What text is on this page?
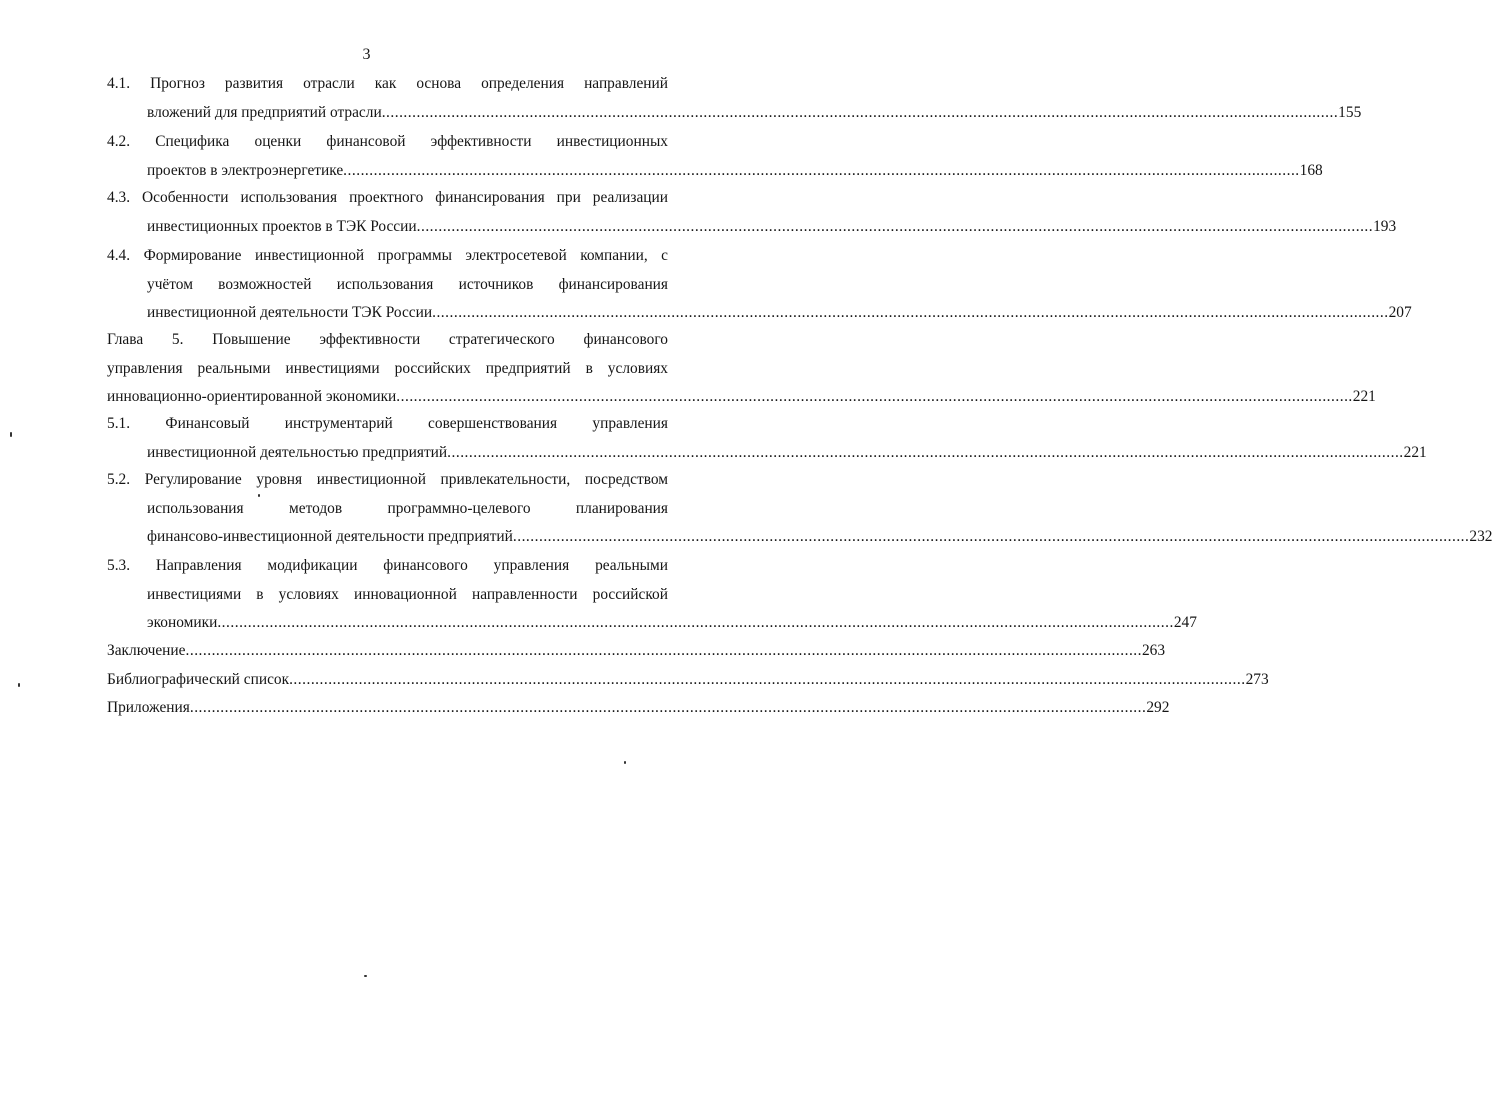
3
4.1. Прогноз развития отрасли как основа определения направлений
вложений для предприятий отрасли ............................................................................................................................................................................................................................ 155
4.2. Специфика оценки финансовой эффективности инвестиционных
проектов в электроэнергетике ............................................................................................................................................................................................................................ 168
4.3. Особенности использования проектного финансирования при реализации
инвестиционных проектов в ТЭК России ............................................................................................................................................................................................................................ 193
4.4. Формирование инвестиционной программы электросетевой компании, с
учётом возможностей использования источников финансирования
инвестиционной деятельности ТЭК России ............................................................................................................................................................................................................................ 207
Глава 5. Повышение эффективности стратегического финансового
управления реальными инвестициями российских предприятий в условиях
инновационно-ориентированной экономики ............................................................................................................................................................................................................................ 221
5.1. Финансовый инструментарий совершенствования управления
инвестиционной деятельностью предприятий ............................................................................................................................................................................................................................ 221
5.2. Регулирование уровня инвестиционной привлекательности, посредством
использования методов программно-целевого планирования
финансово-инвестиционной деятельности предприятий ............................................................................................................................................................................................................................ 232
5.3. Направления модификации финансового управления реальными
инвестициями в условиях инновационной направленности российской
экономики ............................................................................................................................................................................................................................ 247
Заключение ............................................................................................................................................................................................................................ 263
Библиографический список ............................................................................................................................................................................................................................ 273
Приложения ............................................................................................................................................................................................................................ 292
